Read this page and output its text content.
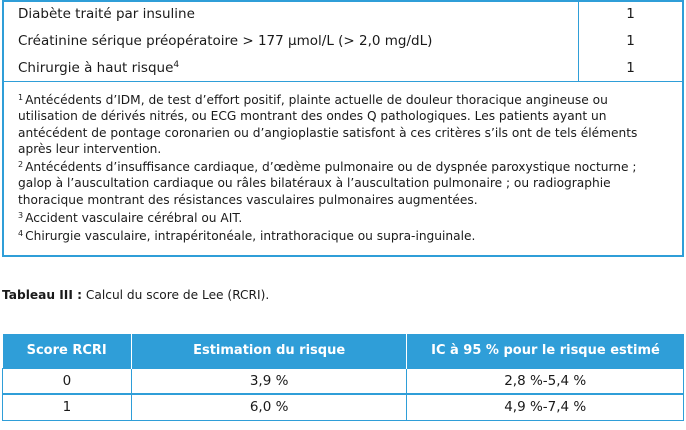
Diabète traité par insuline	1
Créatinine sérique préopératoire > 177 µmol/L (> 2,0 mg/dL)	1
Chirurgie à haut risque$^4$	1
$^1$ Antécédents d’IDM, de test d’effort positif, plainte actuelle de douleur thoracique angineuse ou utilisation de dérivés nitrés, ou ECG montrant des ondes Q pathologiques. Les patients ayant un antécédent de pontage coronarien ou d’angioplastie satisfont à ces critères s’ils ont de tels éléments après leur intervention.
$^2$ Antécédents d’insuffisance cardiaque, d’œdème pulmonaire ou de dyspnée paroxystique nocturne ; galop à l’auscultation cardiaque ou râles bilatéraux à l’auscultation pulmonaire ; ou radiographie thoracique montrant des résistances vasculaires pulmonaires augmentées.
$^3$ Accident vasculaire cérébral ou AIT.
$^4$ Chirurgie vasculaire, intrapéritonéale, intrathoracique ou supra-inguinale.
Tableau III : Calcul du score de Lee (RCRI).
Score RCRI	Estimation du risque	IC à 95 % pour le risque estimé
0	3,9 %	2,8 %-5,4 %
1	6,0 %	4,9 %-7,4 %
